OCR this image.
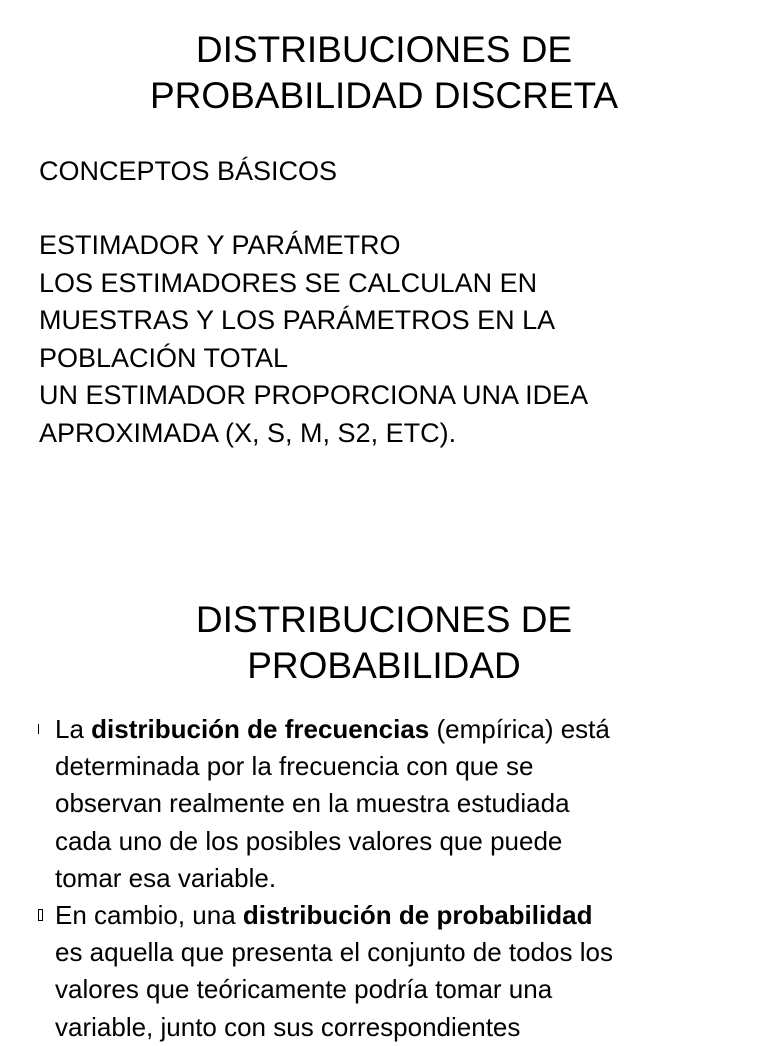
DISTRIBUCIONES DE
PROBABILIDAD DISCRETA
CONCEPTOS BÁSICOS
ESTIMADOR Y PARÁMETRO
LOS ESTIMADORES SE CALCULAN EN
MUESTRAS Y LOS PARÁMETROS EN LA
POBLACIÓN TOTAL
UN ESTIMADOR PROPORCIONA UNA IDEA
APROXIMADA (X, S, M, S2, ETC).
DISTRIBUCIONES DE
PROBABILIDAD
La distribución de frecuencias (empírica) está
determinada por la frecuencia con que se
observan realmente en la muestra estudiada
cada uno de los posibles valores que puede
tomar esa variable.
En cambio, una distribución de probabilidad
es aquella que presenta el conjunto de todos los
valores que teóricamente podría tomar una
variable, junto con sus correspondientes
